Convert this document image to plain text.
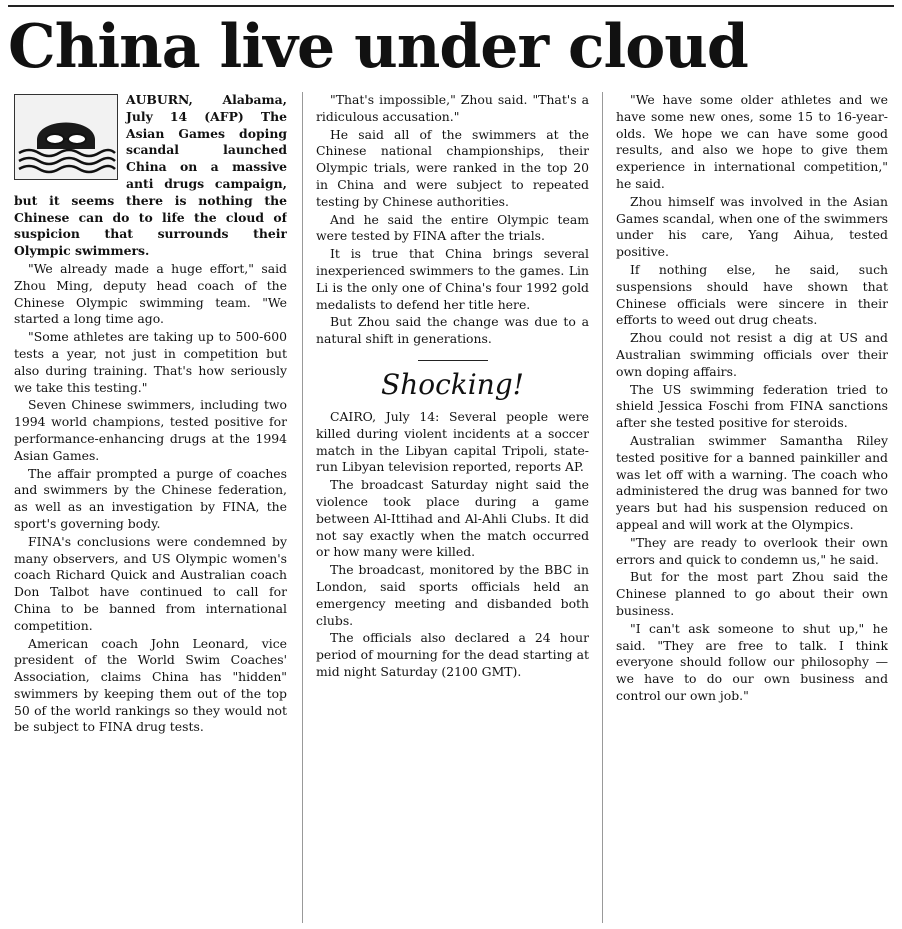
China live under cloud

AUBURN, Alabama, July 14 (AFP) The Asian Games doping scandal launched China on a massive anti drugs campaign, but it seems there is nothing the Chinese can do to life the cloud of suspicion that surrounds their Olympic swimmers.

"We already made a huge effort," said Zhou Ming, deputy head coach of the Chinese Olympic swimming team. "We started a long time ago.

"Some athletes are taking up to 500-600 tests a year, not just in competition but also during training. That's how seriously we take this testing."

Seven Chinese swimmers, including two 1994 world champions, tested positive for performance-enhancing drugs at the 1994 Asian Games.

The affair prompted a purge of coaches and swimmers by the Chinese federation, as well as an investigation by FINA, the sport's governing body.

FINA's conclusions were condemned by many observers, and US Olympic women's coach Richard Quick and Australian coach Don Talbot have continued to call for China to be banned from international competition.

American coach John Leonard, vice president of the World Swim Coaches' Association, claims China has "hidden" swimmers by keeping them out of the top 50 of the world rankings so they would not be subject to FINA drug tests.

"That's impossible," Zhou said. "That's a ridiculous accusation."

He said all of the swimmers at the Chinese national championships, their Olympic trials, were ranked in the top 20 in China and were subject to repeated testing by Chinese authorities.

And he said the entire Olympic team were tested by FINA after the trials.

It is true that China brings several inexperienced swimmers to the games. Lin Li is the only one of China's four 1992 gold medalists to defend her title here.

But Zhou said the change was due to a natural shift in generations.

Shocking!

CAIRO, July 14: Several people were killed during violent incidents at a soccer match in the Libyan capital Tripoli, state-run Libyan television reported, reports AP.

The broadcast Saturday night said the violence took place during a game between Al-Ittihad and Al-Ahli Clubs. It did not say exactly when the match occurred or how many were killed.

The broadcast, monitored by the BBC in London, said sports officials held an emergency meeting and disbanded both clubs.

The officials also declared a 24 hour period of mourning for the dead starting at mid night Saturday (2100 GMT).

"We have some older athletes and we have some new ones, some 15 to 16-year-olds. We hope we can have some good results, and also we hope to give them experience in international competition," he said.

Zhou himself was involved in the Asian Games scandal, when one of the swimmers under his care, Yang Aihua, tested positive.

If nothing else, he said, such suspensions should have shown that Chinese officials were sincere in their efforts to weed out drug cheats.

Zhou could not resist a dig at US and Australian swimming officials over their own doping affairs.

The US swimming federation tried to shield Jessica Foschi from FINA sanctions after she tested positive for steroids.

Australian swimmer Samantha Riley tested positive for a banned painkiller and was let off with a warning. The coach who administered the drug was banned for two years but had his suspension reduced on appeal and will work at the Olympics.

"They are ready to overlook their own errors and quick to condemn us," he said.

But for the most part Zhou said the Chinese planned to go about their own business.

"I can't ask someone to shut up," he said. "They are free to talk. I think everyone should follow our philosophy — we have to do our own business and control our own job."
